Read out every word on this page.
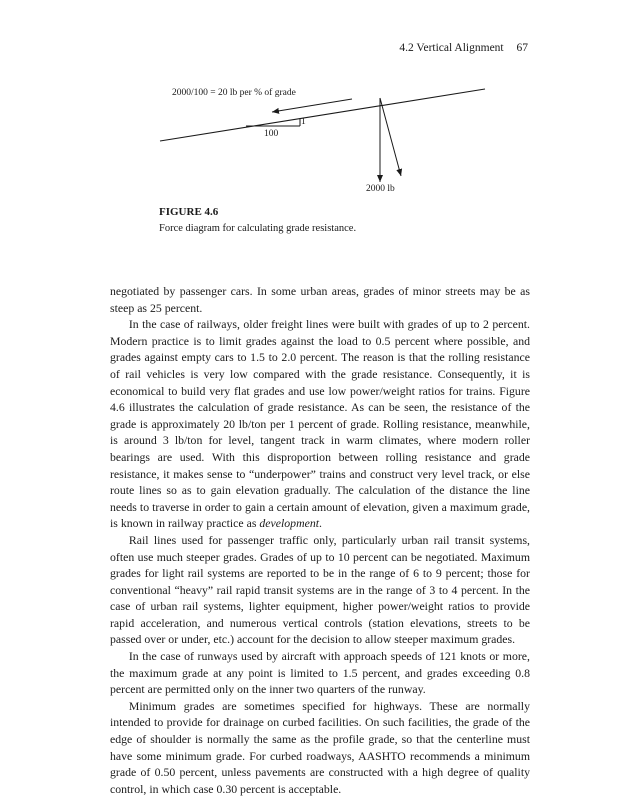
4.2 Vertical Alignment 67
2000/100 = 20 lb per % of grade
1
100
2000 lb
FIGURE 4.6
Force diagram for calculating grade resistance.

negotiated by passenger cars. In some urban areas, grades of minor streets may be as steep as 25 percent.

In the case of railways, older freight lines were built with grades of up to 2 percent. Modern practice is to limit grades against the load to 0.5 percent where possible, and grades against empty cars to 1.5 to 2.0 percent. The reason is that the rolling resistance of rail vehicles is very low compared with the grade resistance. Consequently, it is economical to build very flat grades and use low power/weight ratios for trains. Figure 4.6 illustrates the calculation of grade resistance. As can be seen, the resistance of the grade is approximately 20 lb/ton per 1 percent of grade. Rolling resistance, meanwhile, is around 3 lb/ton for level, tangent track in warm climates, where modern roller bearings are used. With this disproportion between rolling resistance and grade resistance, it makes sense to “underpower” trains and construct very level track, or else route lines so as to gain elevation gradually. The calculation of the distance the line needs to traverse in order to gain a certain amount of elevation, given a maximum grade, is known in railway practice as development.

Rail lines used for passenger traffic only, particularly urban rail transit systems, often use much steeper grades. Grades of up to 10 percent can be negotiated. Maximum grades for light rail systems are reported to be in the range of 6 to 9 percent; those for conventional “heavy” rail rapid transit systems are in the range of 3 to 4 percent. In the case of urban rail systems, lighter equipment, higher power/weight ratios to provide rapid acceleration, and numerous vertical controls (station elevations, streets to be passed over or under, etc.) account for the decision to allow steeper maximum grades.

In the case of runways used by aircraft with approach speeds of 121 knots or more, the maximum grade at any point is limited to 1.5 percent, and grades exceeding 0.8 percent are permitted only on the inner two quarters of the runway.

Minimum grades are sometimes specified for highways. These are normally intended to provide for drainage on curbed facilities. On such facilities, the grade of the edge of shoulder is normally the same as the profile grade, so that the centerline must have some minimum grade. For curbed roadways, AASHTO recommends a minimum grade of 0.50 percent, unless pavements are constructed with a high degree of quality control, in which case 0.30 percent is acceptable.
